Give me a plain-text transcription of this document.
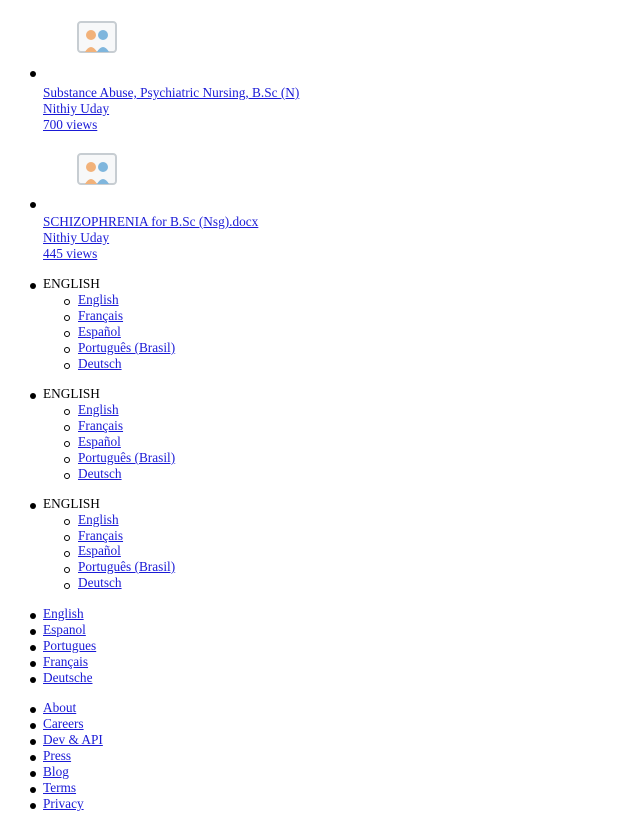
Substance Abuse, Psychiatric Nursing, B.Sc (N)
Nithiy Uday
700 views
SCHIZOPHRENIA for B.Sc (Nsg).docx
Nithiy Uday
445 views
ENGLISH
English
Français
Español
Português (Brasil)
Deutsch
ENGLISH
English
Français
Español
Português (Brasil)
Deutsch
ENGLISH
English
Français
Español
Português (Brasil)
Deutsch
English
Espanol
Portugues
Français
Deutsche
About
Careers
Dev & API
Press
Blog
Terms
Privacy
